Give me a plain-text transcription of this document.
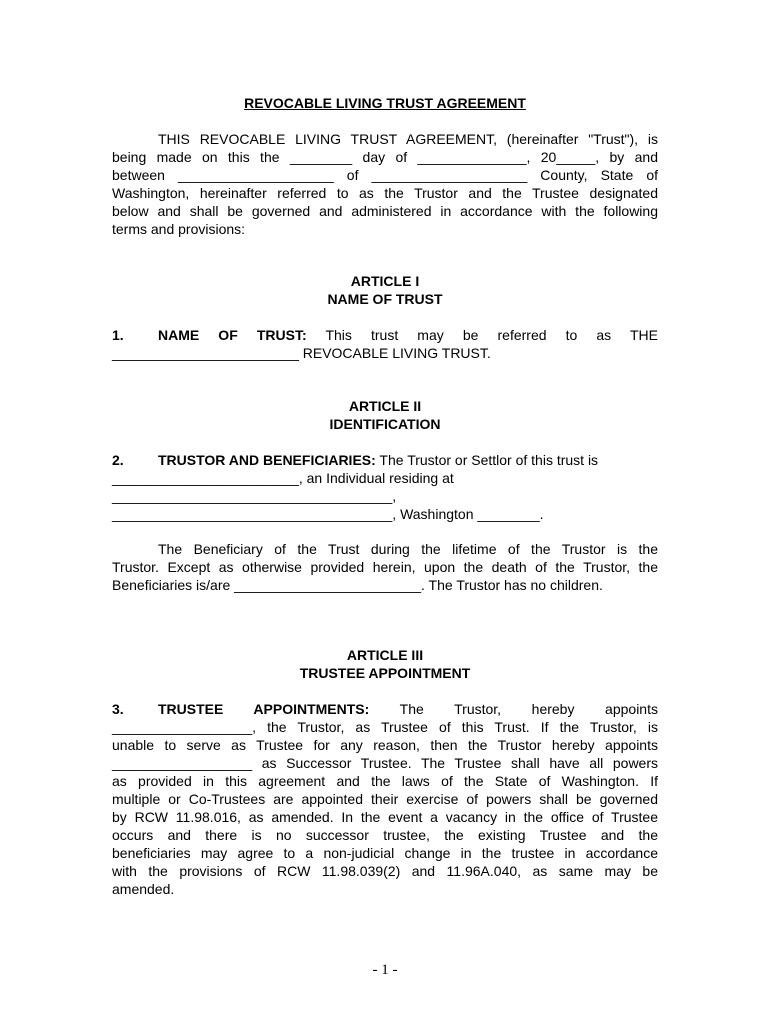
REVOCABLE LIVING TRUST AGREEMENT
THIS REVOCABLE LIVING TRUST AGREEMENT, (hereinafter "Trust"), is
being made on this the ________ day of ______________, 20_____, by and
between ____________________ of ____________________ County, State of
Washington, hereinafter referred to as the Trustor and the Trustee designated
below and shall be governed and administered in accordance with the following
terms and provisions:
ARTICLE I
NAME OF TRUST
1. NAME OF TRUST: This trust may be referred to as THE
________________________ REVOCABLE LIVING TRUST.
ARTICLE II
IDENTIFICATION
2. TRUSTOR AND BENEFICIARIES: The Trustor or Settlor of this trust is
________________________, an Individual residing at
____________________________________,
____________________________________, Washington ________.
The Beneficiary of the Trust during the lifetime of the Trustor is the
Trustor. Except as otherwise provided herein, upon the death of the Trustor, the
Beneficiaries is/are ________________________. The Trustor has no children.
ARTICLE III
TRUSTEE APPOINTMENT
3. TRUSTEE APPOINTMENTS: The Trustor, hereby appoints
__________________, the Trustor, as Trustee of this Trust. If the Trustor, is
unable to serve as Trustee for any reason, then the Trustor hereby appoints
__________________ as Successor Trustee. The Trustee shall have all powers
as provided in this agreement and the laws of the State of Washington. If
multiple or Co-Trustees are appointed their exercise of powers shall be governed
by RCW 11.98.016, as amended. In the event a vacancy in the office of Trustee
occurs and there is no successor trustee, the existing Trustee and the
beneficiaries may agree to a non-judicial change in the trustee in accordance
with the provisions of RCW 11.98.039(2) and 11.96A.040, as same may be
amended.
- 1 -
